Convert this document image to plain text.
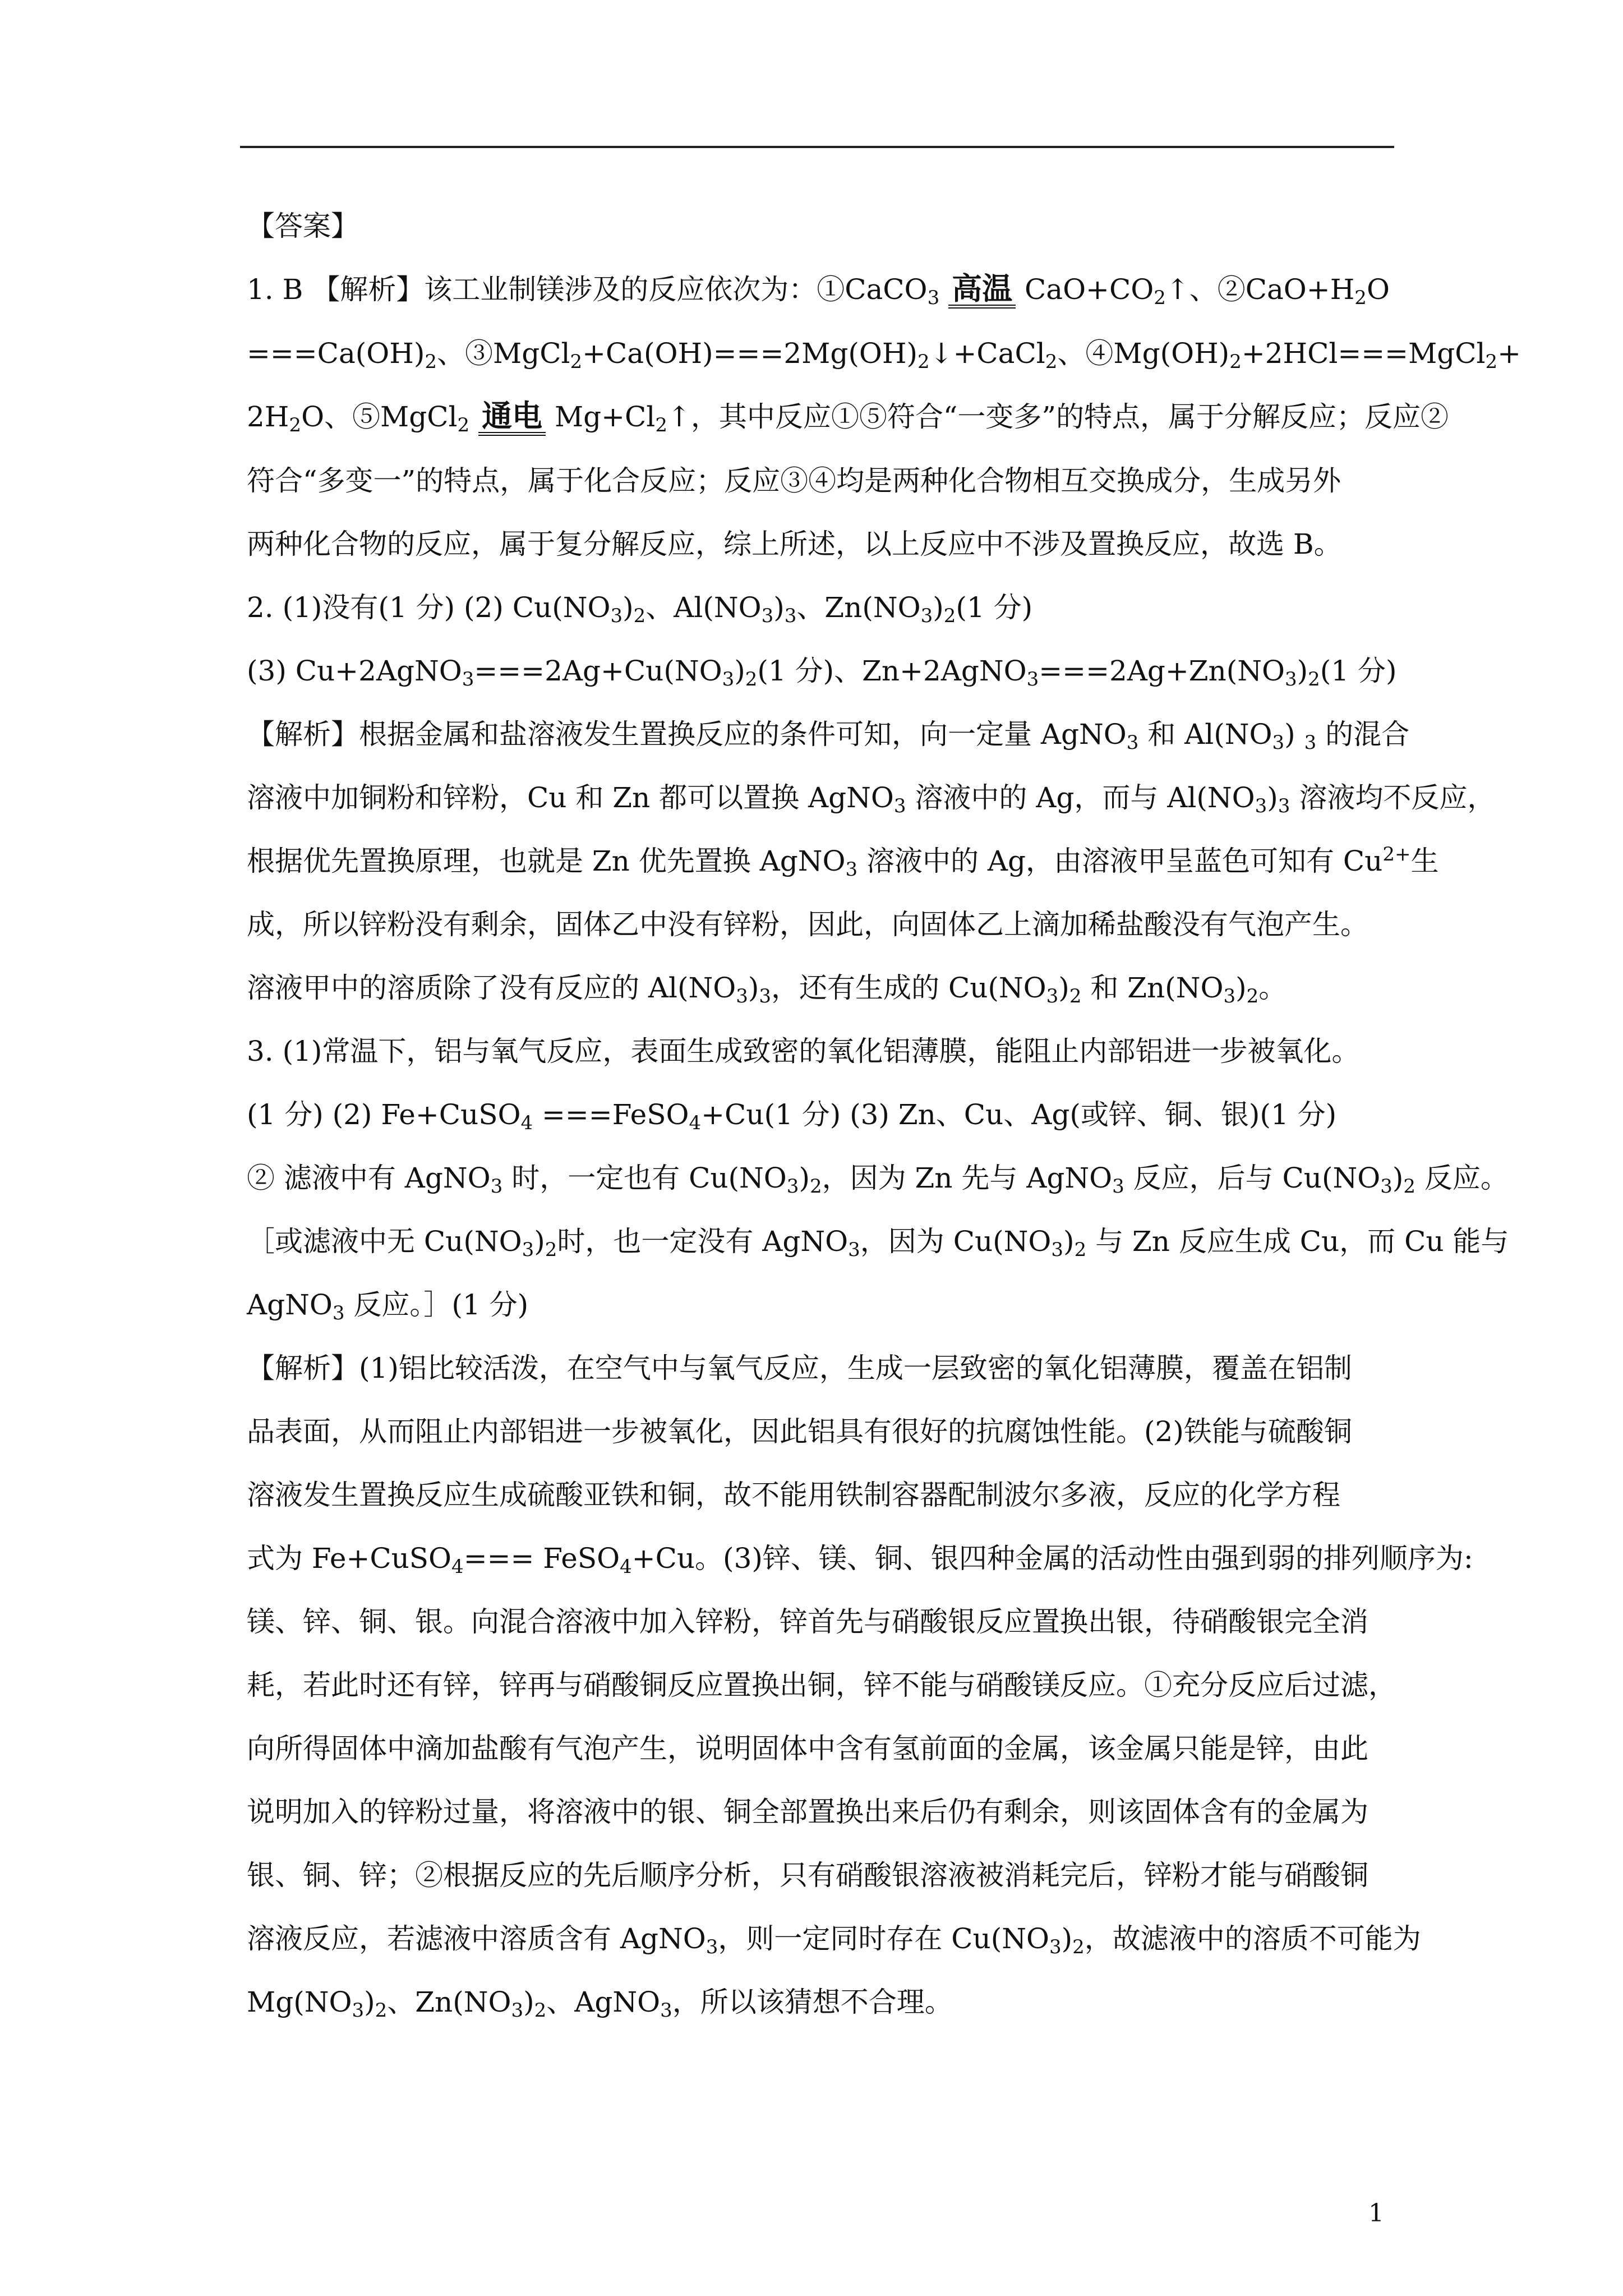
【答案】
1. B 【解析】该工业制镁涉及的反应依次为：①CaCO$_3$ 高温 $CaO+CO_2↑$、$②CaO+H_2O$
$===Ca(OH)_2$、$③MgCl_2+Ca(OH)===2Mg(OH)_2↓+CaCl_2$、$④Mg(OH)_2+2HCl===MgCl_2+$
$2H_2O$、⑤MgCl$_2$ 通电 $Mg+Cl_2↑$，其中反应①⑤符合“一变多”的特点，属于分解反应；反应②
符合“多变一”的特点，属于化合反应；反应③④均是两种化合物相互交换成分，生成另外
两种化合物的反应，属于复分解反应，综上所述，以上反应中不涉及置换反应，故选 B。
2. (1)没有(1 分) (2) $Cu(NO_3)_2$、$Al(NO_3)_3$、$Zn(NO_3)_2(1$ 分)
(3) $Cu+2AgNO_3===2Ag+Cu(NO_3)_2(1$ 分)、$Zn+2AgNO_3===2Ag+Zn(NO_3)_2(1$ 分)
【解析】根据金属和盐溶液发生置换反应的条件可知，向一定量 AgNO$_3$ 和 $Al(NO_3)$ $_3$ 的混合
溶液中加铜粉和锌粉，Cu 和 Zn 都可以置换 AgNO$_3$ 溶液中的 Ag，而与 $Al(NO_3)_3$ 溶液均不反应，
根据优先置换原理，也就是 Zn 优先置换 AgNO$_3$ 溶液中的 Ag，由溶液甲呈蓝色可知有 $Cu^{2+}$生
成，所以锌粉没有剩余，固体乙中没有锌粉，因此，向固体乙上滴加稀盐酸没有气泡产生。
溶液甲中的溶质除了没有反应的 $Al(NO_3)_3$，还有生成的 $Cu(NO_3)_2$ 和 $Zn(NO_3)_2$。
3. (1)常温下，铝与氧气反应，表面生成致密的氧化铝薄膜，能阻止内部铝进一步被氧化。
(1 分) (2) Fe+CuSO$_4$ ===FeSO$_4$+Cu(1 分) (3) Zn、Cu、Ag(或锌、铜、银)(1 分)
② 滤液中有 AgNO$_3$ 时，一定也有 $Cu(NO_3)_2$，因为 Zn 先与 AgNO$_3$ 反应，后与 $Cu(NO_3)_2$ 反应。
［或滤液中无 $Cu(NO_3)_2$时，也一定没有 AgNO$_3$，因为 $Cu(NO_3)_2$ 与 Zn 反应生成 Cu，而 Cu 能与
AgNO$_3$ 反应。］(1 分)
【解析】(1)铝比较活泼，在空气中与氧气反应，生成一层致密的氧化铝薄膜，覆盖在铝制
品表面，从而阻止内部铝进一步被氧化，因此铝具有很好的抗腐蚀性能。(2)铁能与硫酸铜
溶液发生置换反应生成硫酸亚铁和铜，故不能用铁制容器配制波尔多液，反应的化学方程
式为 Fe+CuSO$_4$=== FeSO$_4$+Cu。(3)锌、镁、铜、银四种金属的活动性由强到弱的排列顺序为:
镁、锌、铜、银。向混合溶液中加入锌粉，锌首先与硝酸银反应置换出银，待硝酸银完全消
耗，若此时还有锌，锌再与硝酸铜反应置换出铜，锌不能与硝酸镁反应。①充分反应后过滤，
向所得固体中滴加盐酸有气泡产生，说明固体中含有氢前面的金属，该金属只能是锌，由此
说明加入的锌粉过量，将溶液中的银、铜全部置换出来后仍有剩余，则该固体含有的金属为
银、铜、锌；②根据反应的先后顺序分析，只有硝酸银溶液被消耗完后，锌粉才能与硝酸铜
溶液反应，若滤液中溶质含有 AgNO$_3$，则一定同时存在 $Cu(NO_3)_2$，故滤液中的溶质不可能为
$Mg(NO_3)_2$、$Zn(NO_3)_2$、AgNO$_3$，所以该猜想不合理。
1
